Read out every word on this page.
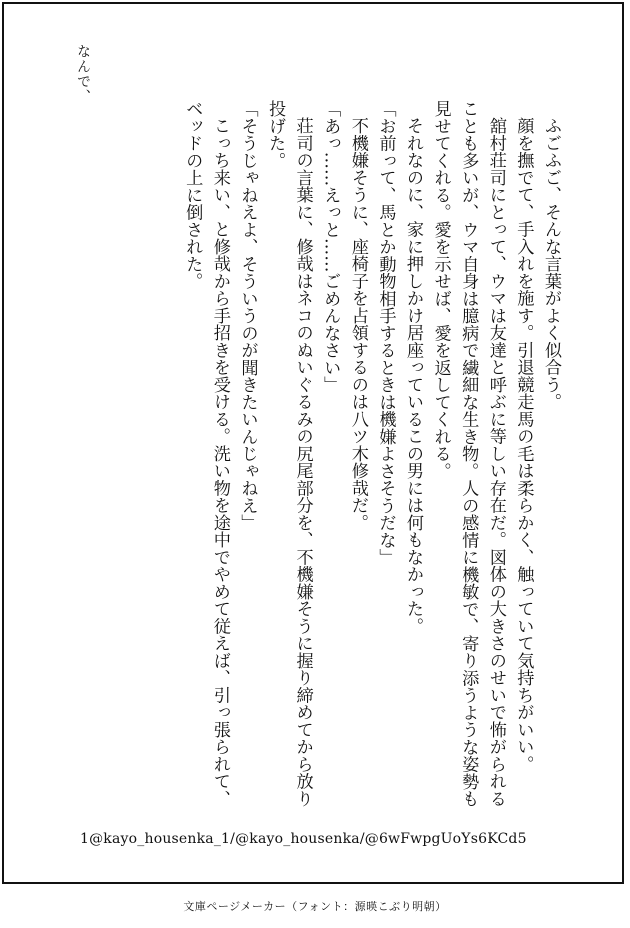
なんで、

ふごふご、そんな言葉がよく似合う。

顔を撫でて、手入れを施す。引退競走馬の毛は柔らかく、触っていて気持ちがいい。

舘村荘司にとって、ウマは友達と呼ぶに等しい存在だ。図体の大きさのせいで怖がられることも多いが、ウマ自身は臆病で繊細な生き物。人の感情に機敏で、寄り添うような姿勢も見せてくれる。愛を示せば、愛を返してくれる。

それなのに、家に押しかけ居座っているこの男には何もなかった。

「お前って、馬とか動物相手するときは機嫌よさそうだな」

不機嫌そうに、座椅子を占領するのは八ツ木修哉だ。

「あっ……えっと……ごめんなさい」

荘司の言葉に、修哉はネコのぬいぐるみの尻尾部分を、不機嫌そうに握り締めてから放り投げた。

「そうじゃねえよ、そういうのが聞きたいんじゃねえ」

こっち来い、と修哉から手招きを受ける。洗い物を途中でやめて従えば、引っ張られて、ベッドの上に倒された。

1@kayo_housenka_1/@kayo_housenka/@6wFwpgUoYs6KCd5
文庫ページメーカー（フォント：源暎こぶり明朝）
